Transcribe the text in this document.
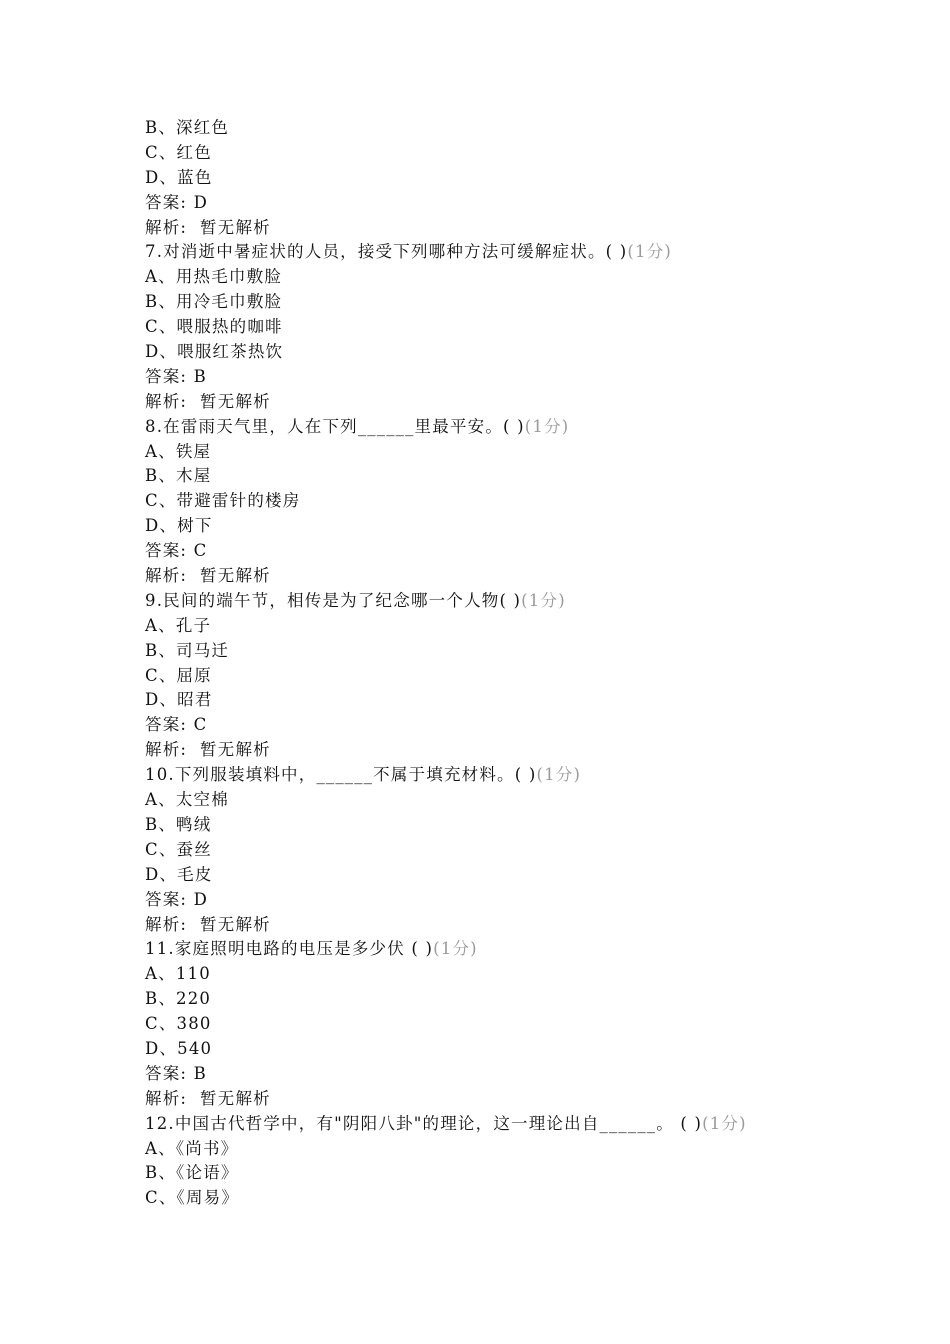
B、深红色
C、红色
D、蓝色
答案: D
解析:  暂无解析
7.对消逝中暑症状的人员，接受下列哪种方法可缓解症状。( )(1分)
A、用热毛巾敷脸
B、用冷毛巾敷脸
C、喂服热的咖啡
D、喂服红茶热饮
答案: B
解析:  暂无解析
8.在雷雨天气里，人在下列______里最平安。( )(1分)
A、铁屋
B、木屋
C、带避雷针的楼房
D、树下
答案: C
解析:  暂无解析
9.民间的端午节，相传是为了纪念哪一个人物( )(1分)
A、孔子
B、司马迁
C、屈原
D、昭君
答案: C
解析:  暂无解析
10.下列服装填料中，______不属于填充材料。( )(1分)
A、太空棉
B、鸭绒
C、蚕丝
D、毛皮
答案: D
解析:  暂无解析
11.家庭照明电路的电压是多少伏 ( )(1分)
A、110
B、220
C、380
D、540
答案: B
解析:  暂无解析
12.中国古代哲学中，有"阴阳八卦"的理论，这一理论出自______。 ( )(1分)
A、《尚书》
B、《论语》
C、《周易》
